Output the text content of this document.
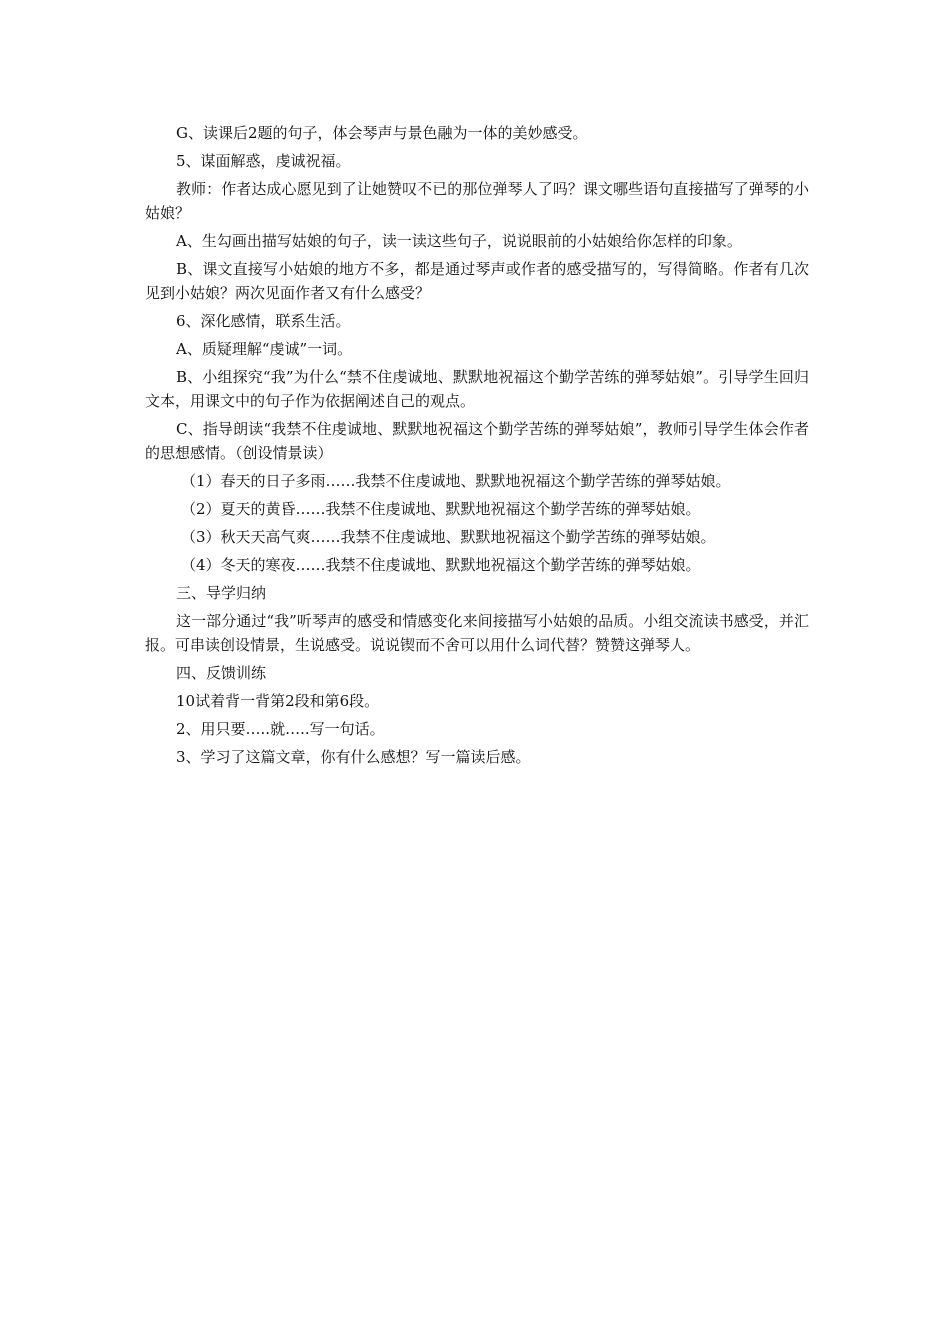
G、读课后2题的句子，体会琴声与景色融为一体的美妙感受。

5、谋面解惑，虔诚祝福。

教师：作者达成心愿见到了让她赞叹不已的那位弹琴人了吗？课文哪些语句直接描写了弹琴的小姑娘？

A、生勾画出描写姑娘的句子，读一读这些句子，说说眼前的小姑娘给你怎样的印象。

B、课文直接写小姑娘的地方不多，都是通过琴声或作者的感受描写的，写得简略。作者有几次见到小姑娘？两次见面作者又有什么感受？

6、深化感情，联系生活。

A、质疑理解“虔诚”一词。

B、小组探究“我”为什么“禁不住虔诚地、默默地祝福这个勤学苦练的弹琴姑娘”。引导学生回归文本，用课文中的句子作为依据阐述自己的观点。

C、指导朗读“我禁不住虔诚地、默默地祝福这个勤学苦练的弹琴姑娘”，教师引导学生体会作者的思想感情。（创设情景读）

（1）春天的日子多雨……我禁不住虔诚地、默默地祝福这个勤学苦练的弹琴姑娘。

（2）夏天的黄昏……我禁不住虔诚地、默默地祝福这个勤学苦练的弹琴姑娘。

（3）秋天天高气爽……我禁不住虔诚地、默默地祝福这个勤学苦练的弹琴姑娘。

（4）冬天的寒夜……我禁不住虔诚地、默默地祝福这个勤学苦练的弹琴姑娘。

三、导学归纳

这一部分通过“我”听琴声的感受和情感变化来间接描写小姑娘的品质。小组交流读书感受，并汇报。可串读创设情景，生说感受。说说锲而不舍可以用什么词代替？赞赞这弹琴人。

四、反馈训练

10试着背一背第2段和第6段。

2、用只要…..就…..写一句话。

3、学习了这篇文章，你有什么感想？写一篇读后感。
